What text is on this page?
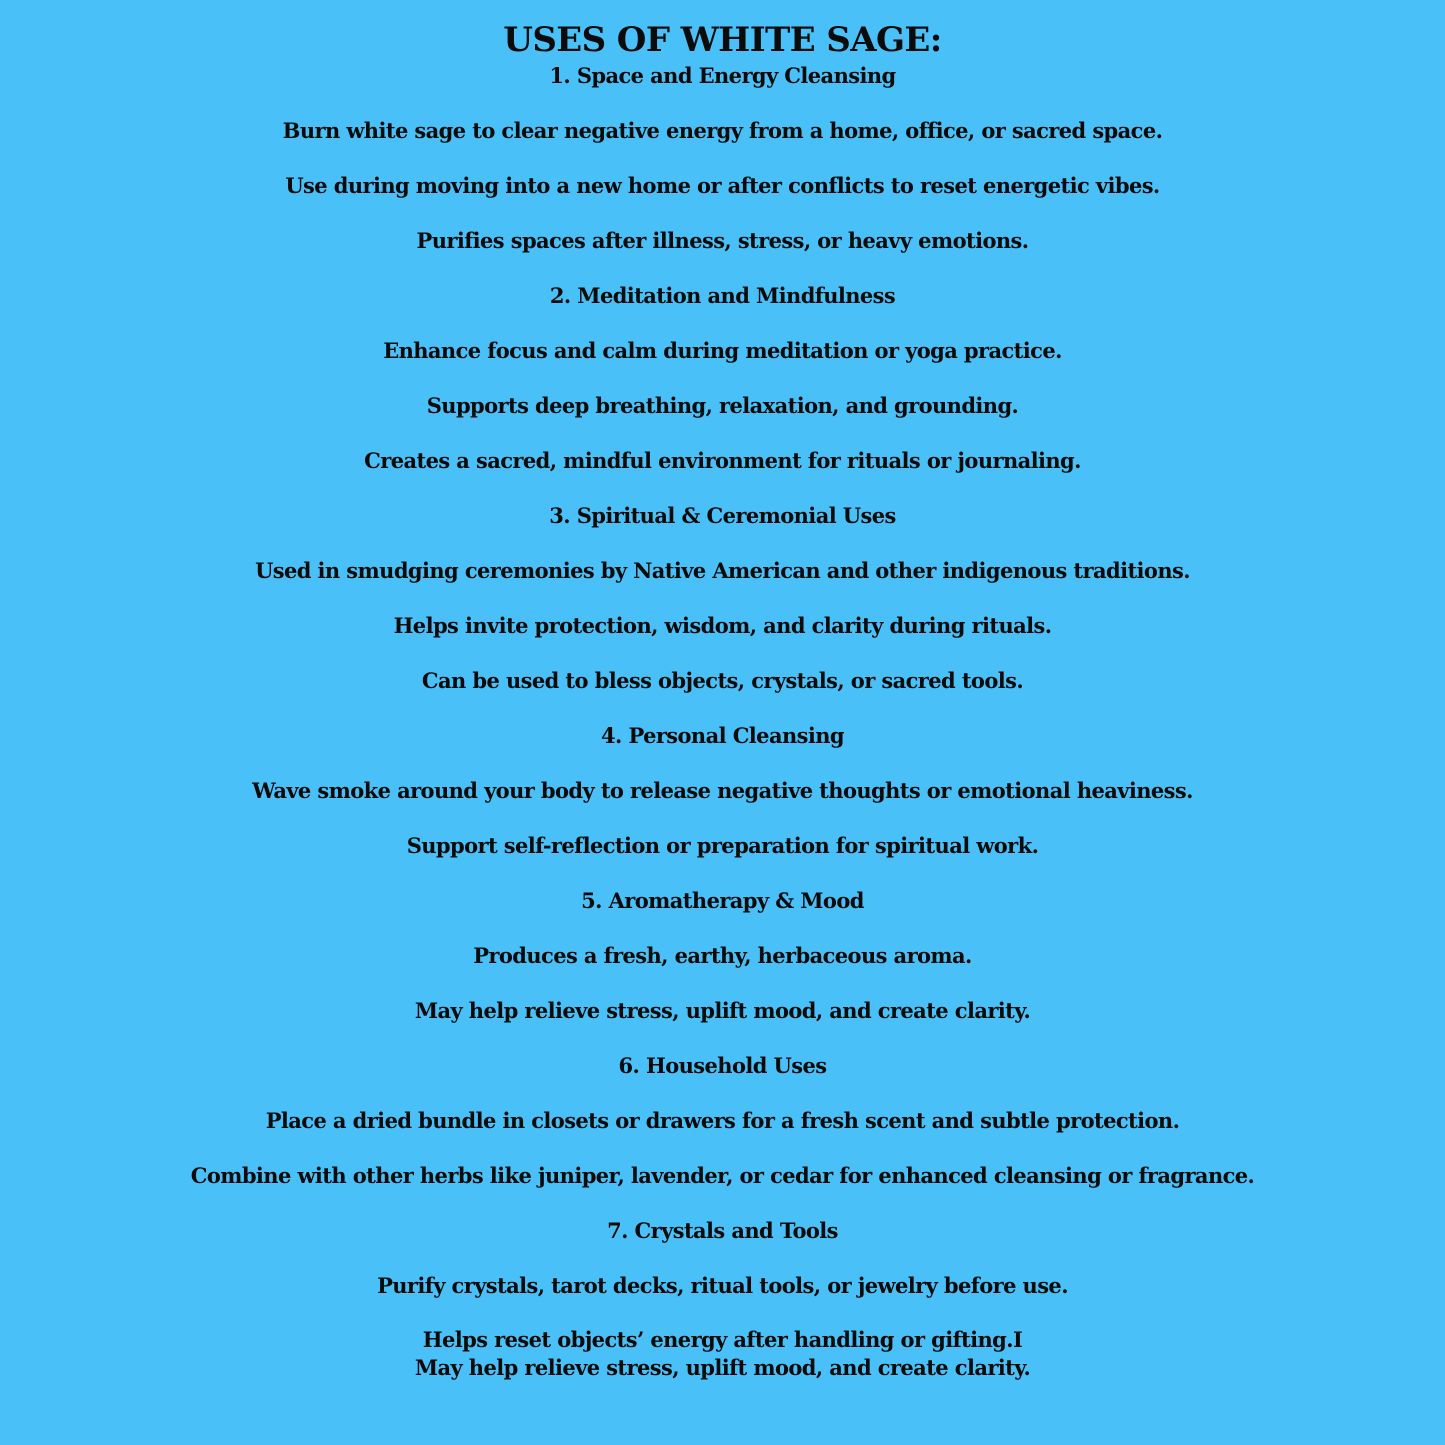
USES OF WHITE SAGE:
1. Space and Energy Cleansing
Burn white sage to clear negative energy from a home, office, or sacred space.
Use during moving into a new home or after conflicts to reset energetic vibes.
Purifies spaces after illness, stress, or heavy emotions.
2. Meditation and Mindfulness
Enhance focus and calm during meditation or yoga practice.
Supports deep breathing, relaxation, and grounding.
Creates a sacred, mindful environment for rituals or journaling.
3. Spiritual & Ceremonial Uses
Used in smudging ceremonies by Native American and other indigenous traditions.
Helps invite protection, wisdom, and clarity during rituals.
Can be used to bless objects, crystals, or sacred tools.
4. Personal Cleansing
Wave smoke around your body to release negative thoughts or emotional heaviness.
Support self-reflection or preparation for spiritual work.
5. Aromatherapy & Mood
Produces a fresh, earthy, herbaceous aroma.
May help relieve stress, uplift mood, and create clarity.
6. Household Uses
Place a dried bundle in closets or drawers for a fresh scent and subtle protection.
Combine with other herbs like juniper, lavender, or cedar for enhanced cleansing or fragrance.
7. Crystals and Tools
Purify crystals, tarot decks, ritual tools, or jewelry before use.
Helps reset objects’ energy after handling or gifting.I
May help relieve stress, uplift mood, and create clarity.
